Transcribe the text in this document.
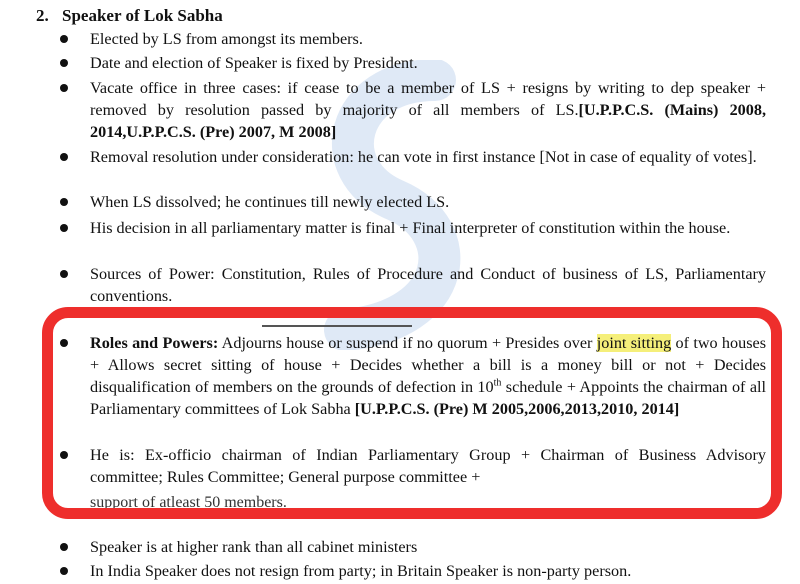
2. Speaker of Lok Sabha

Elected by LS from amongst its members.

Date and election of Speaker is fixed by President.

Vacate office in three cases: if cease to be a member of LS + resigns by writing to dep speaker + removed by resolution passed by majority of all members of LS.[U.P.P.C.S. (Mains) 2008, 2014,U.P.P.C.S. (Pre) 2007, M 2008]

Removal resolution under consideration: he can vote in first instance [Not in case of equality of votes].

When LS dissolved; he continues till newly elected LS.

His decision in all parliamentary matter is final + Final interpreter of constitution within the house.

Sources of Power: Constitution, Rules of Procedure and Conduct of business of LS, Parliamentary conventions.

Roles and Powers: Adjourns house or suspend if no quorum + Presides over joint sitting of two houses + Allows secret sitting of house + Decides whether a bill is a money bill or not + Decides disqualification of members on the grounds of defection in 10th schedule + Appoints the chairman of all Parliamentary committees of Lok Sabha [U.P.P.C.S. (Pre) M 2005,2006,2013,2010, 2014]

He is: Ex-officio chairman of Indian Parliamentary Group + Chairman of Business Advisory committee; Rules Committee; General purpose committee +

support of atleast 50 members.

Speaker is at higher rank than all cabinet ministers

In India Speaker does not resign from party; in Britain Speaker is non-party person.
